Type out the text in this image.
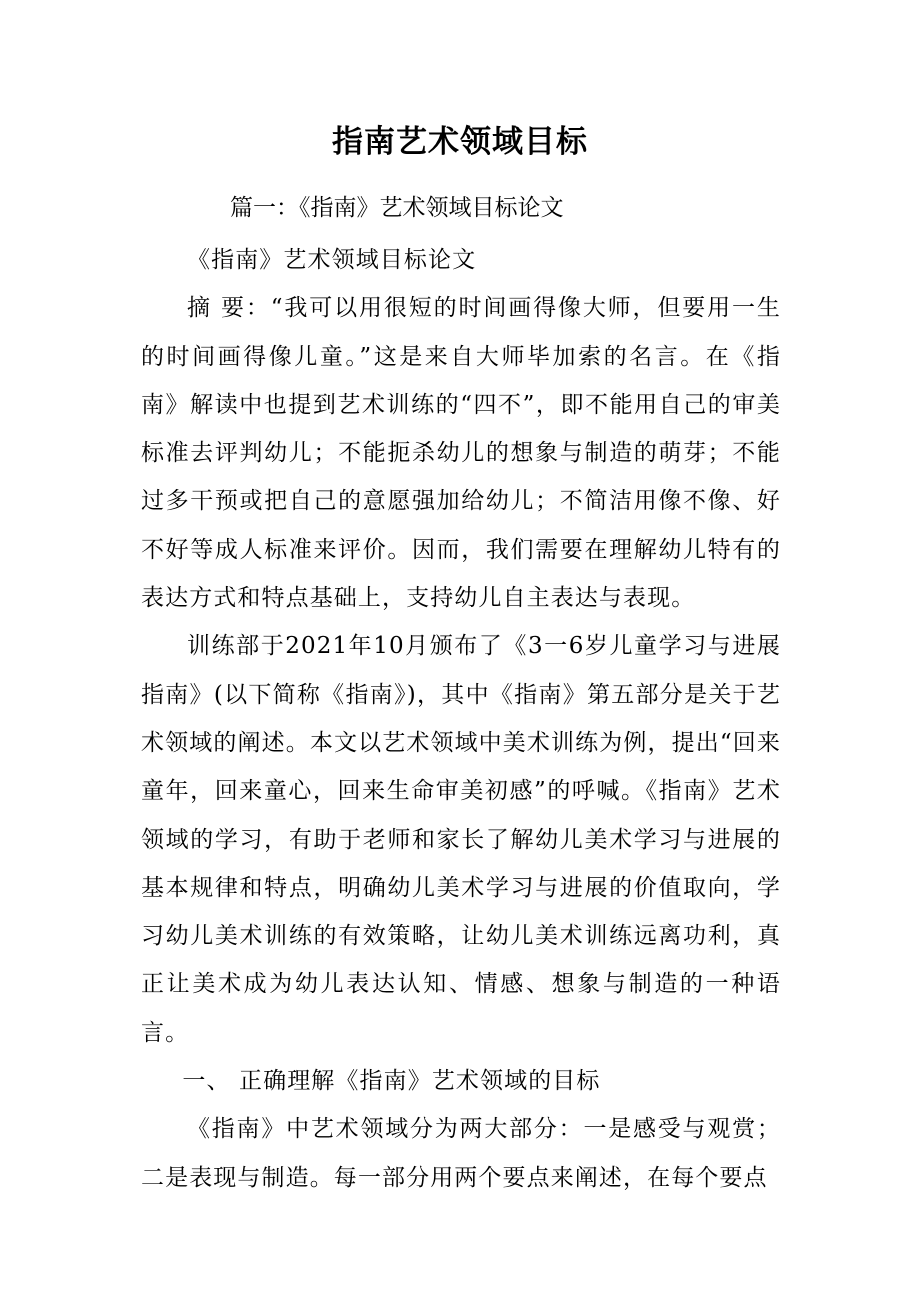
指南艺术领域目标
篇一：《指南》艺术领域目标论文

《指南》艺术领域目标论文

摘 要：“我可以用很短的时间画得像大师，但要用一生的时间画得像儿童。”这是来自大师毕加索的名言。在《指南》解读中也提到艺术训练的“四不”，即不能用自己的审美标准去评判幼儿；不能扼杀幼儿的想象与制造的萌芽；不能过多干预或把自己的意愿强加给幼儿；不简洁用像不像、好不好等成人标准来评价。因而，我们需要在理解幼儿特有的表达方式和特点基础上，支持幼儿自主表达与表现。

训练部于2021年10月颁布了《3一6岁儿童学习与进展指南》(以下简称《指南》)，其中《指南》第五部分是关于艺术领域的阐述。本文以艺术领域中美术训练为例，提出“回来童年，回来童心，回来生命审美初感”的呼喊。《指南》艺术领域的学习，有助于老师和家长了解幼儿美术学习与进展的基本规律和特点，明确幼儿美术学习与进展的价值取向，学习幼儿美术训练的有效策略，让幼儿美术训练远离功利，真正让美术成为幼儿表达认知、情感、想象与制造的一种语言。

一、 正确理解《指南》艺术领域的目标

《指南》中艺术领域分为两大部分：一是感受与观赏；二是表现与制造。每一部分用两个要点来阐述，在每个要点
